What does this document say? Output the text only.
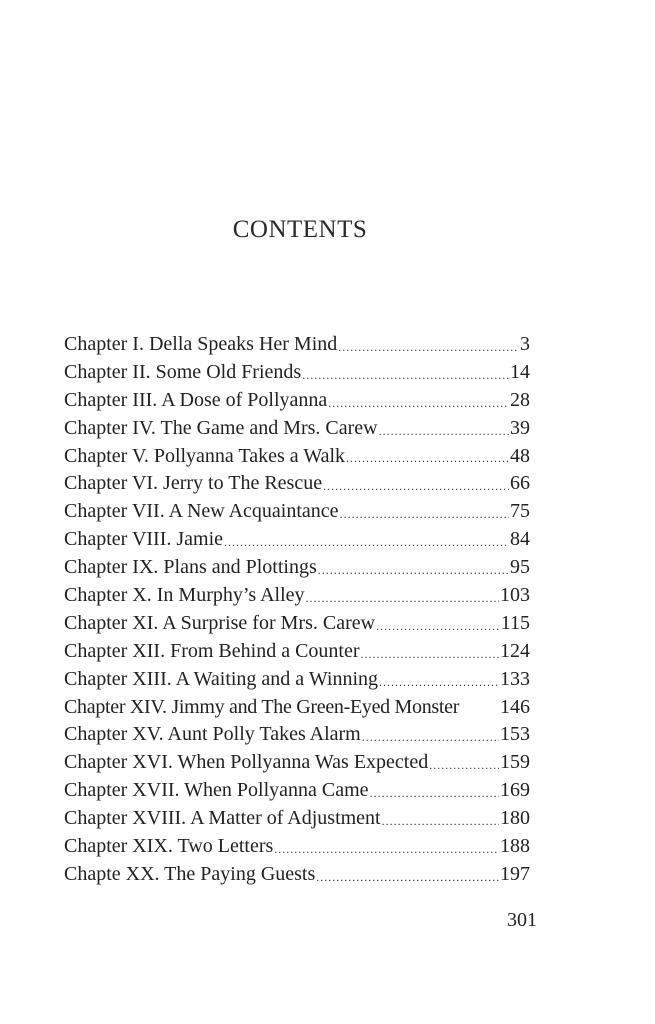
CONTENTS
Chapter I. Della Speaks Her Mind .....	3
Chapter II. Some Old Friends .....	14
Chapter III. A Dose of Pollyanna .....	28
Chapter IV. The Game and Mrs. Carew .....	39
Chapter V. Pollyanna Takes a Walk .....	48
Chapter VI. Jerry to The Rescue .....	66
Chapter VII. A New Acquaintance .....	75
Chapter VIII. Jamie .....	84
Chapter IX. Plans and Plottings .....	95
Chapter X. In Murphy’s Alley .....	103
Chapter XI. A Surprise for Mrs. Carew .....	115
Chapter XII. From Behind a Counter .....	124
Chapter XIII. A Waiting and a Winning .....	133
Chapter XIV. Jimmy and The Green-Eyed Monster 146
Chapter XV. Aunt Polly Takes Alarm .....	153
Chapter XVI. When Pollyanna Was Expected .....	159
Chapter XVII. When Pollyanna Came .....	169
Chapter XVIII. A Matter of Adjustment .....	180
Chapter XIX. Two Letters .....	188
Chapte XX. The Paying Guests .....	197
301
